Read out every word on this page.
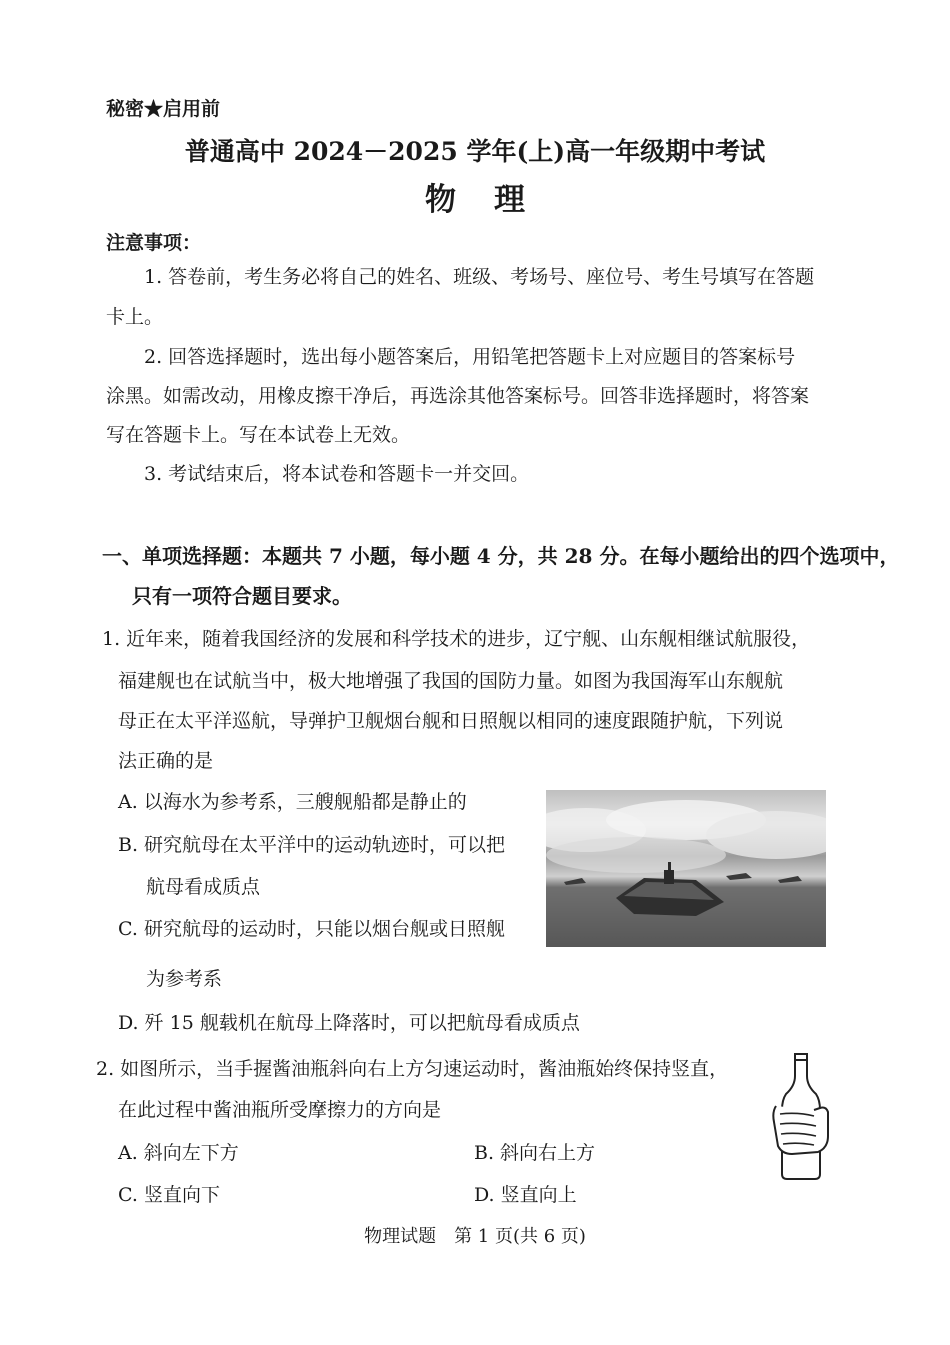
秘密★启用前
普通高中 2024－2025 学年(上)高一年级期中考试
物理
注意事项：
1. 答卷前，考生务必将自己的姓名、班级、考场号、座位号、考生号填写在答题
卡上。
2. 回答选择题时，选出每小题答案后，用铅笔把答题卡上对应题目的答案标号
涂黑。如需改动，用橡皮擦干净后，再选涂其他答案标号。回答非选择题时，将答案
写在答题卡上。写在本试卷上无效。
3. 考试结束后，将本试卷和答题卡一并交回。
一、单项选择题：本题共 7 小题，每小题 4 分，共 28 分。在每小题给出的四个选项中，
只有一项符合题目要求。
1. 近年来，随着我国经济的发展和科学技术的进步，辽宁舰、山东舰相继试航服役，
福建舰也在试航当中，极大地增强了我国的国防力量。如图为我国海军山东舰航
母正在太平洋巡航，导弹护卫舰烟台舰和日照舰以相同的速度跟随护航，下列说
法正确的是
A. 以海水为参考系，三艘舰船都是静止的
B. 研究航母在太平洋中的运动轨迹时，可以把
航母看成质点
C. 研究航母的运动时，只能以烟台舰或日照舰
为参考系
D. 歼 15 舰载机在航母上降落时，可以把航母看成质点
2. 如图所示，当手握酱油瓶斜向右上方匀速运动时，酱油瓶始终保持竖直，
在此过程中酱油瓶所受摩擦力的方向是
A. 斜向左下方	B. 斜向右上方
C. 竖直向下	D. 竖直向上
物理试题　第 1 页(共 6 页)
